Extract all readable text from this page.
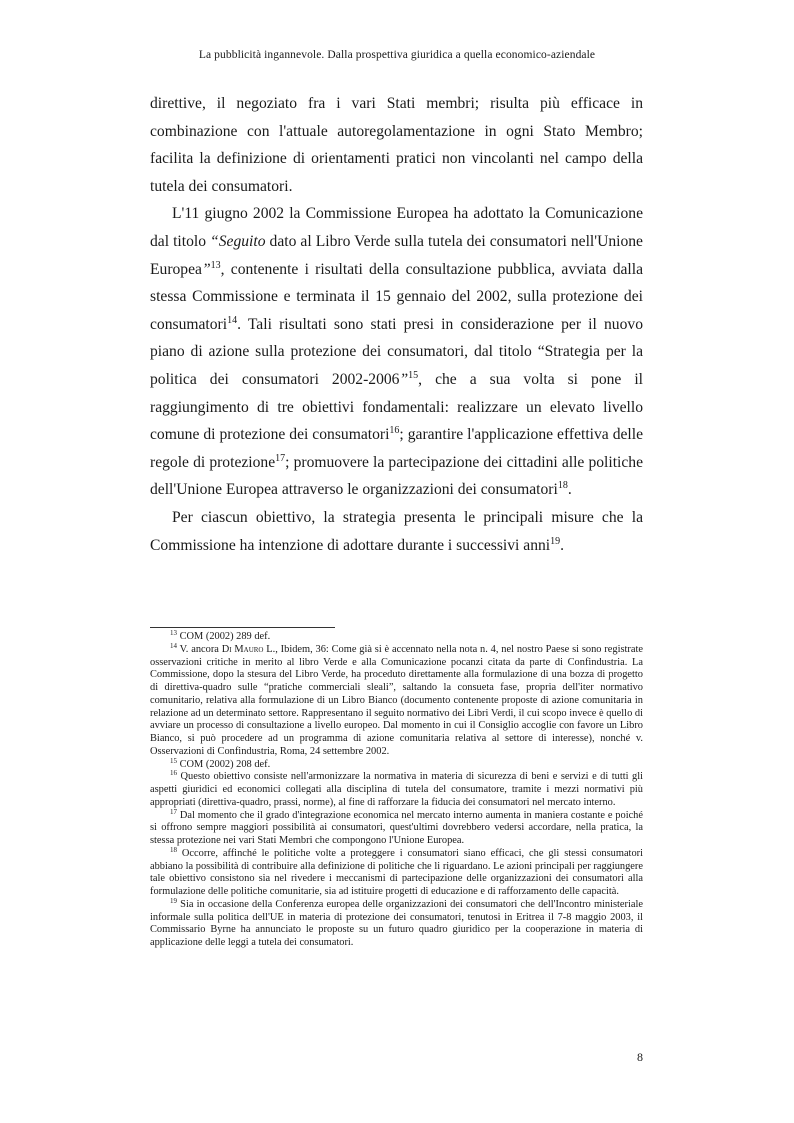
La pubblicità ingannevole. Dalla prospettiva giuridica a quella economico-aziendale

direttive, il negoziato fra i vari Stati membri; risulta più efficace in combinazione con l'attuale autoregolamentazione in ogni Stato Membro; facilita la definizione di orientamenti pratici non vincolanti nel campo della tutela dei consumatori.

L'11 giugno 2002 la Commissione Europea ha adottato la Comunicazione dal titolo “Seguito dato al Libro Verde sulla tutela dei consumatori nell'Unione Europea”$^{13}$, contenente i risultati della consultazione pubblica, avviata dalla stessa Commissione e terminata il 15 gennaio del 2002, sulla protezione dei consumatori$^{14}$. Tali risultati sono stati presi in considerazione per il nuovo piano di azione sulla protezione dei consumatori, dal titolo “Strategia per la politica dei consumatori 2002-2006”$^{15}$, che a sua volta si pone il raggiungimento di tre obiettivi fondamentali: realizzare un elevato livello comune di protezione dei consumatori$^{16}$; garantire l'applicazione effettiva delle regole di protezione$^{17}$; promuovere la partecipazione dei cittadini alle politiche dell'Unione Europea attraverso le organizzazioni dei consumatori$^{18}$.

Per ciascun obiettivo, la strategia presenta le principali misure che la Commissione ha intenzione di adottare durante i successivi anni$^{19}$.

$^{13}$ COM (2002) 289 def.

$^{14}$ V. ancora Di Mauro L., Ibidem, 36: Come già si è accennato nella nota n. 4, nel nostro Paese si sono registrate osservazioni critiche in merito al libro Verde e alla Comunicazione pocanzi citata da parte di Confindustria. La Commissione, dopo la stesura del Libro Verde, ha proceduto direttamente alla formulazione di una bozza di progetto di direttiva-quadro sulle “pratiche commerciali sleali”, saltando la consueta fase, propria dell'iter normativo comunitario, relativa alla formulazione di un Libro Bianco (documento contenente proposte di azione comunitaria in relazione ad un determinato settore. Rappresentano il seguito normativo dei Libri Verdi, il cui scopo invece è quello di avviare un processo di consultazione a livello europeo. Dal momento in cui il Consiglio accoglie con favore un Libro Bianco, si può procedere ad un programma di azione comunitaria relativa al settore di interesse), nonché v. Osservazioni di Confindustria, Roma, 24 settembre 2002.

$^{15}$ COM (2002) 208 def.

$^{16}$ Questo obiettivo consiste nell'armonizzare la normativa in materia di sicurezza di beni e servizi e di tutti gli aspetti giuridici ed economici collegati alla disciplina di tutela del consumatore, tramite i mezzi normativi più appropriati (direttiva-quadro, prassi, norme), al fine di rafforzare la fiducia dei consumatori nel mercato interno.

$^{17}$ Dal momento che il grado d'integrazione economica nel mercato interno aumenta in maniera costante e poiché si offrono sempre maggiori possibilità ai consumatori, quest'ultimi dovrebbero vedersi accordare, nella pratica, la stessa protezione nei vari Stati Membri che compongono l'Unione Europea.

$^{18}$ Occorre, affinché le politiche volte a proteggere i consumatori siano efficaci, che gli stessi consumatori abbiano la possibilità di contribuire alla definizione di politiche che li riguardano. Le azioni principali per raggiungere tale obiettivo consistono sia nel rivedere i meccanismi di partecipazione delle organizzazioni dei consumatori alla formulazione delle politiche comunitarie, sia ad istituire progetti di educazione e di rafforzamento delle capacità.

$^{19}$ Sia in occasione della Conferenza europea delle organizzazioni dei consumatori che dell'Incontro ministeriale informale sulla politica dell'UE in materia di protezione dei consumatori, tenutosi in Eritrea il 7-8 maggio 2003, il Commissario Byrne ha annunciato le proposte su un futuro quadro giuridico per la cooperazione in materia di applicazione delle leggi a tutela dei consumatori.

8
